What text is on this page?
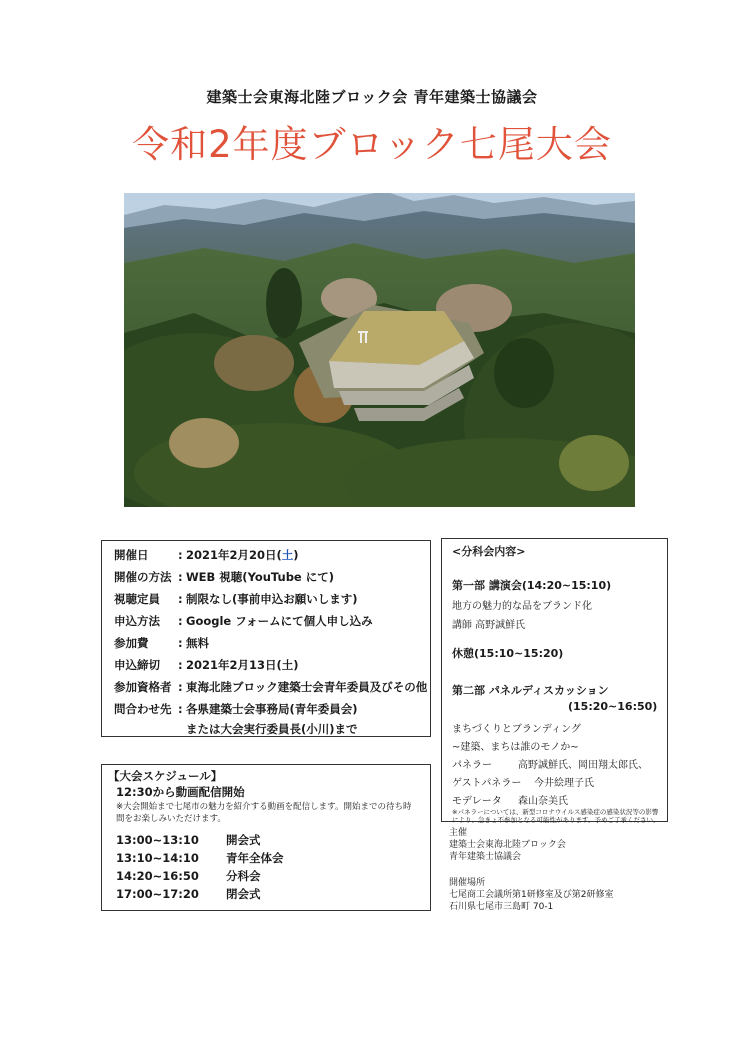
建築士会東海北陸ブロック会 青年建築士協議会
令和2年度ブロック七尾大会
開催日	: 2021年2月20日(土)
開催の方法 : WEB 視聴(YouTube にて)
視聴定員 : 制限なし(事前申込お願いします)
申込方法 : Google フォームにて個人申し込み
参加費	: 無料
申込締切 : 2021年2月13日(土)
参加資格者 : 東海北陸ブロック建築士会青年委員及びその他
問合わせ先 : 各県建築士会事務局(青年委員会)
または大会実行委員長(小川)まで
【大会スケジュール】
12:30から動画配信開始
※大会開始まで七尾市の魅力を紹介する動画を配信します。開始までの待ち時
間をお楽しみいただけます。
13:00~13:10 開会式
13:10~14:10 青年全体会
14:20~16:50 分科会
17:00~17:20 閉会式
<分科会内容>
第一部 講演会(14:20~15:10)
地方の魅力的な品をブランド化
講師 高野誠鮮氏
休憩(15:10~15:20)
第二部 パネルディスカッション
(15:20~16:50)
まちづくりとブランディング
~建築、まちは誰のモノか~
パネラー	高野誠鮮氏、岡田翔太郎氏、
ゲストパネラー 今井絵理子氏
モデレータ 森山奈美氏
※パネラーについては、新型コロナウイルス感染症の感染状況等の影響
により、急きょ不参加となる可能性があります。予めご了承ください。
主催
建築士会東海北陸ブロック会
青年建築士協議会
開催場所
七尾商工会議所第1研修室及び第2研修室
石川県七尾市三島町 70-1
